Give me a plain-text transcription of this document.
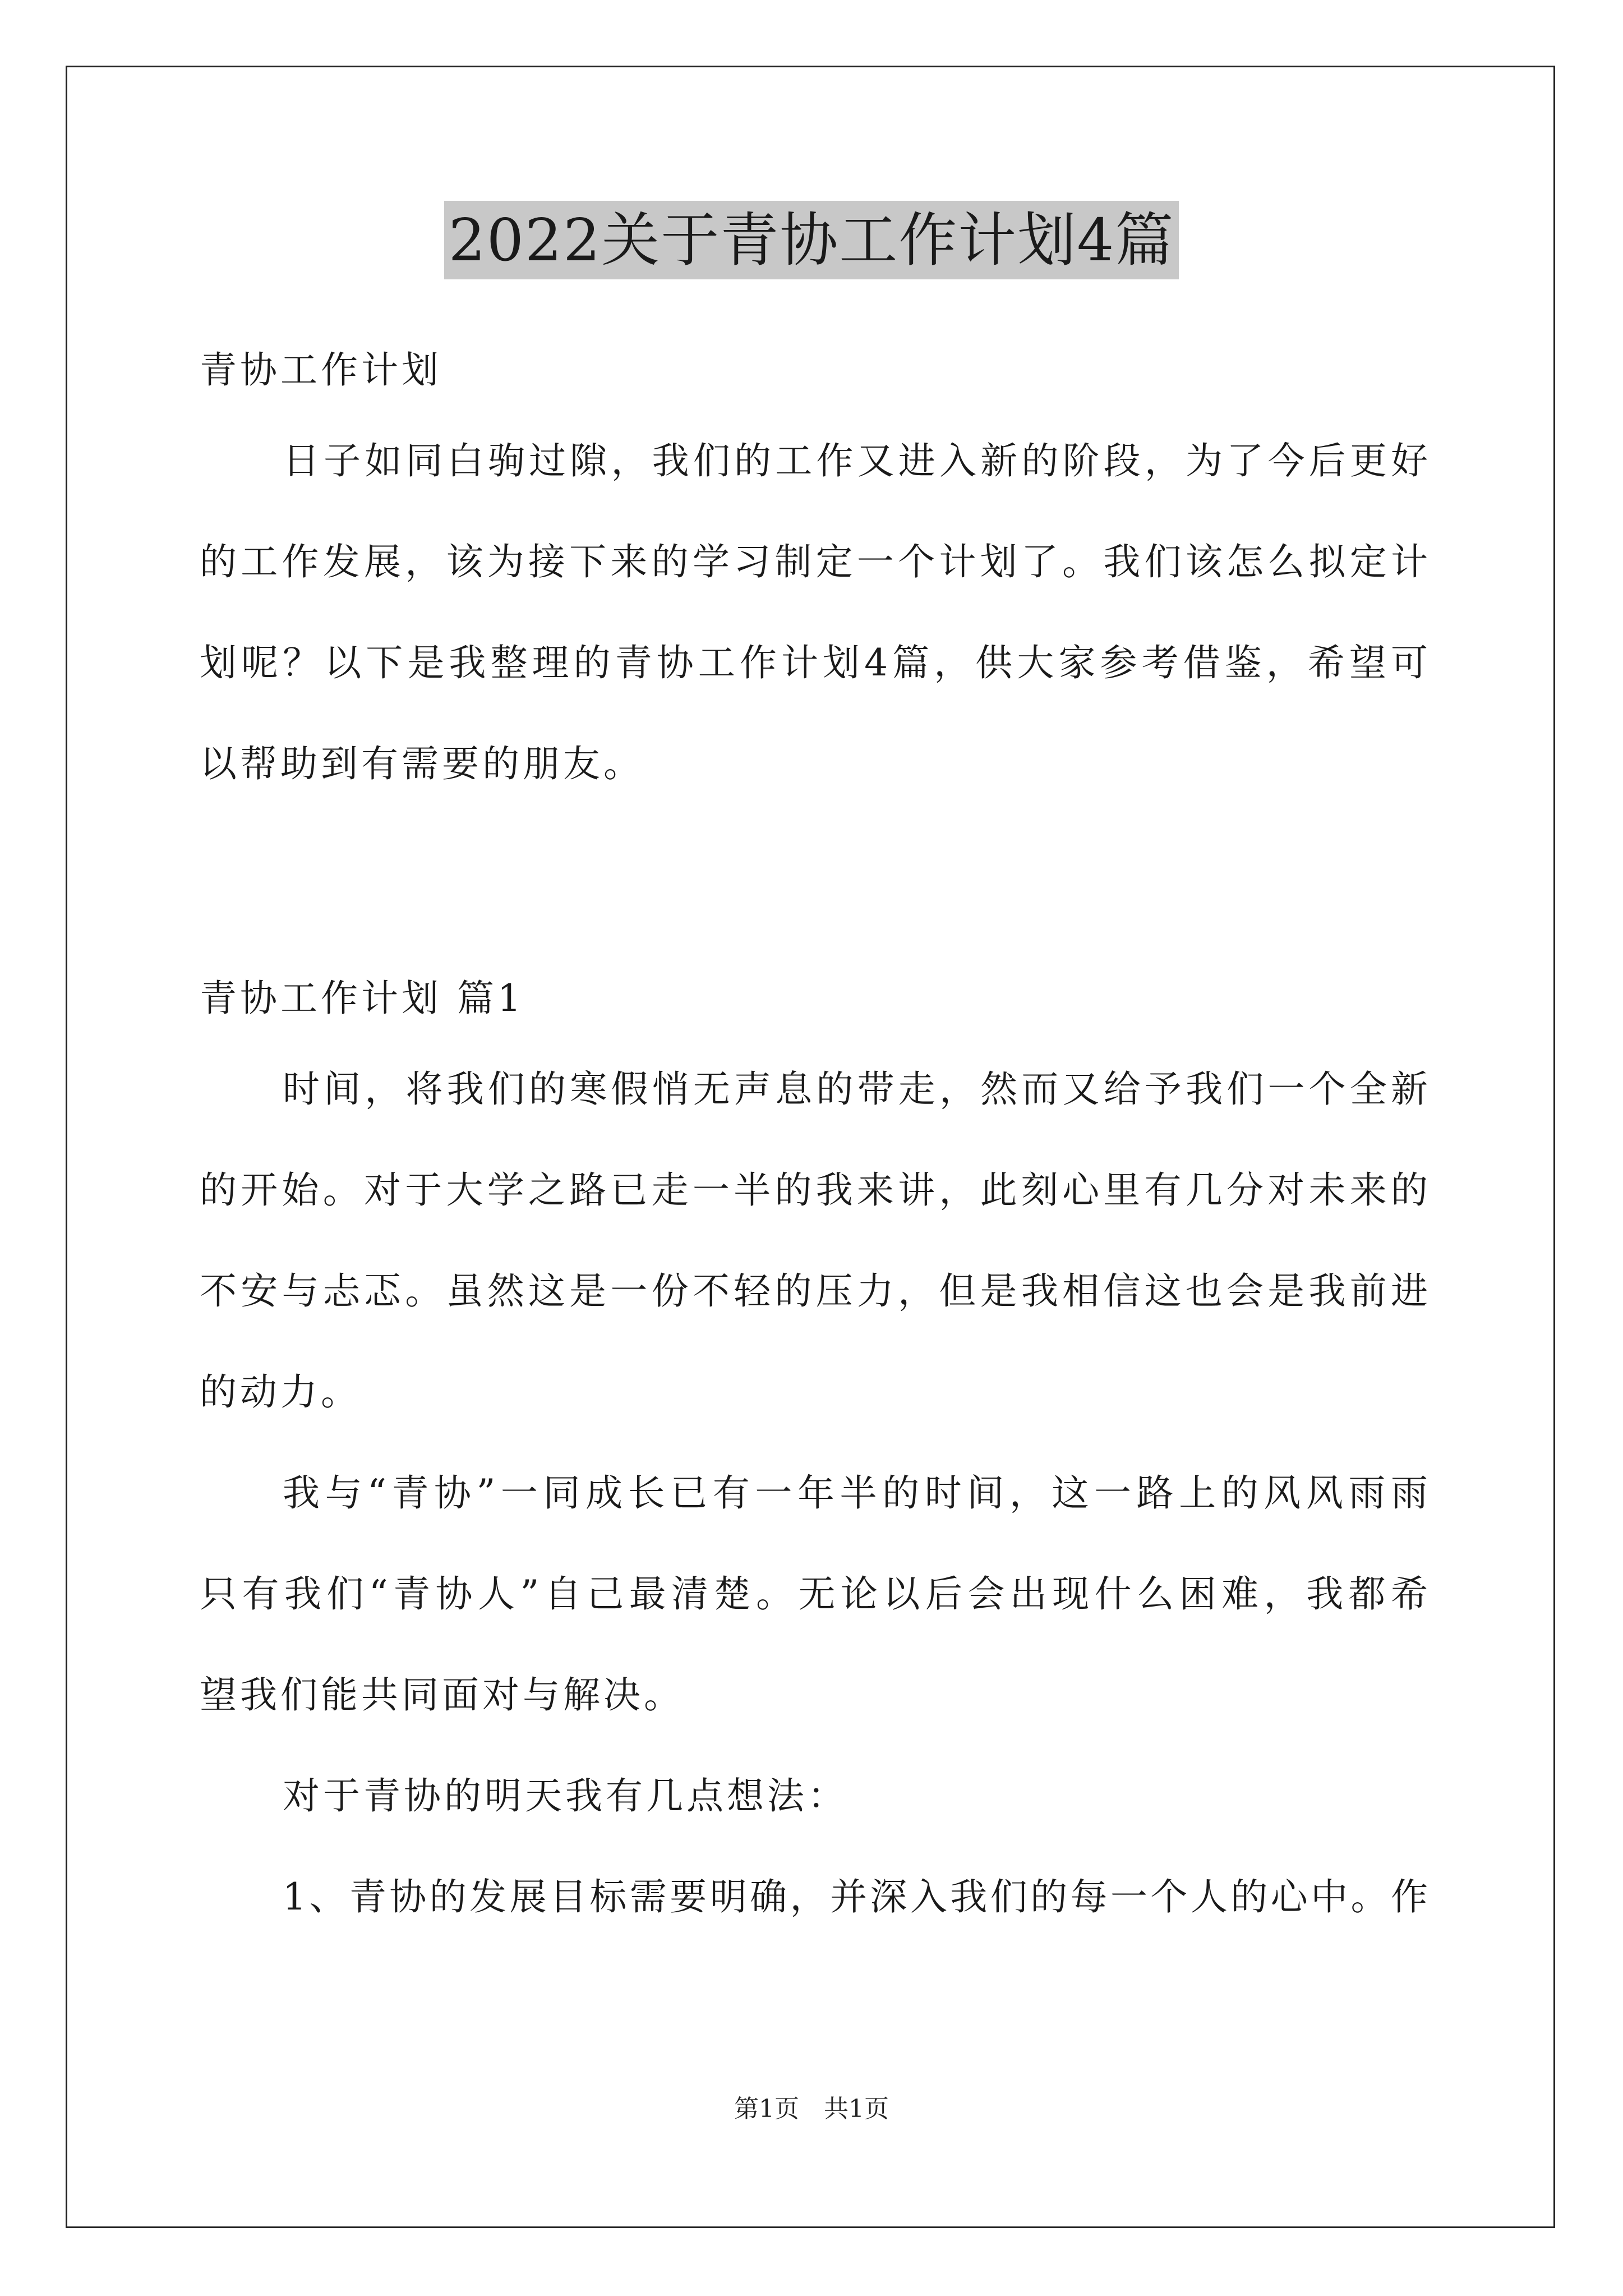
2022关于青协工作计划4篇
青协工作计划
日子如同白驹过隙，我们的工作又进入新的阶段，为了今后更好
的工作发展，该为接下来的学习制定一个计划了。我们该怎么拟定计
划呢？以下是我整理的青协工作计划4篇，供大家参考借鉴，希望可
以帮助到有需要的朋友。
青协工作计划 篇1
时间，将我们的寒假悄无声息的带走，然而又给予我们一个全新
的开始。对于大学之路已走一半的我来讲，此刻心里有几分对未来的
不安与忐忑。虽然这是一份不轻的压力，但是我相信这也会是我前进
的动力。
我与“青协”一同成长已有一年半的时间，这一路上的风风雨雨
只有我们“青协人”自己最清楚。无论以后会出现什么困难，我都希
望我们能共同面对与解决。
对于青协的明天我有几点想法：
1、青协的发展目标需要明确，并深入我们的每一个人的心中。作
第1页　共1页
